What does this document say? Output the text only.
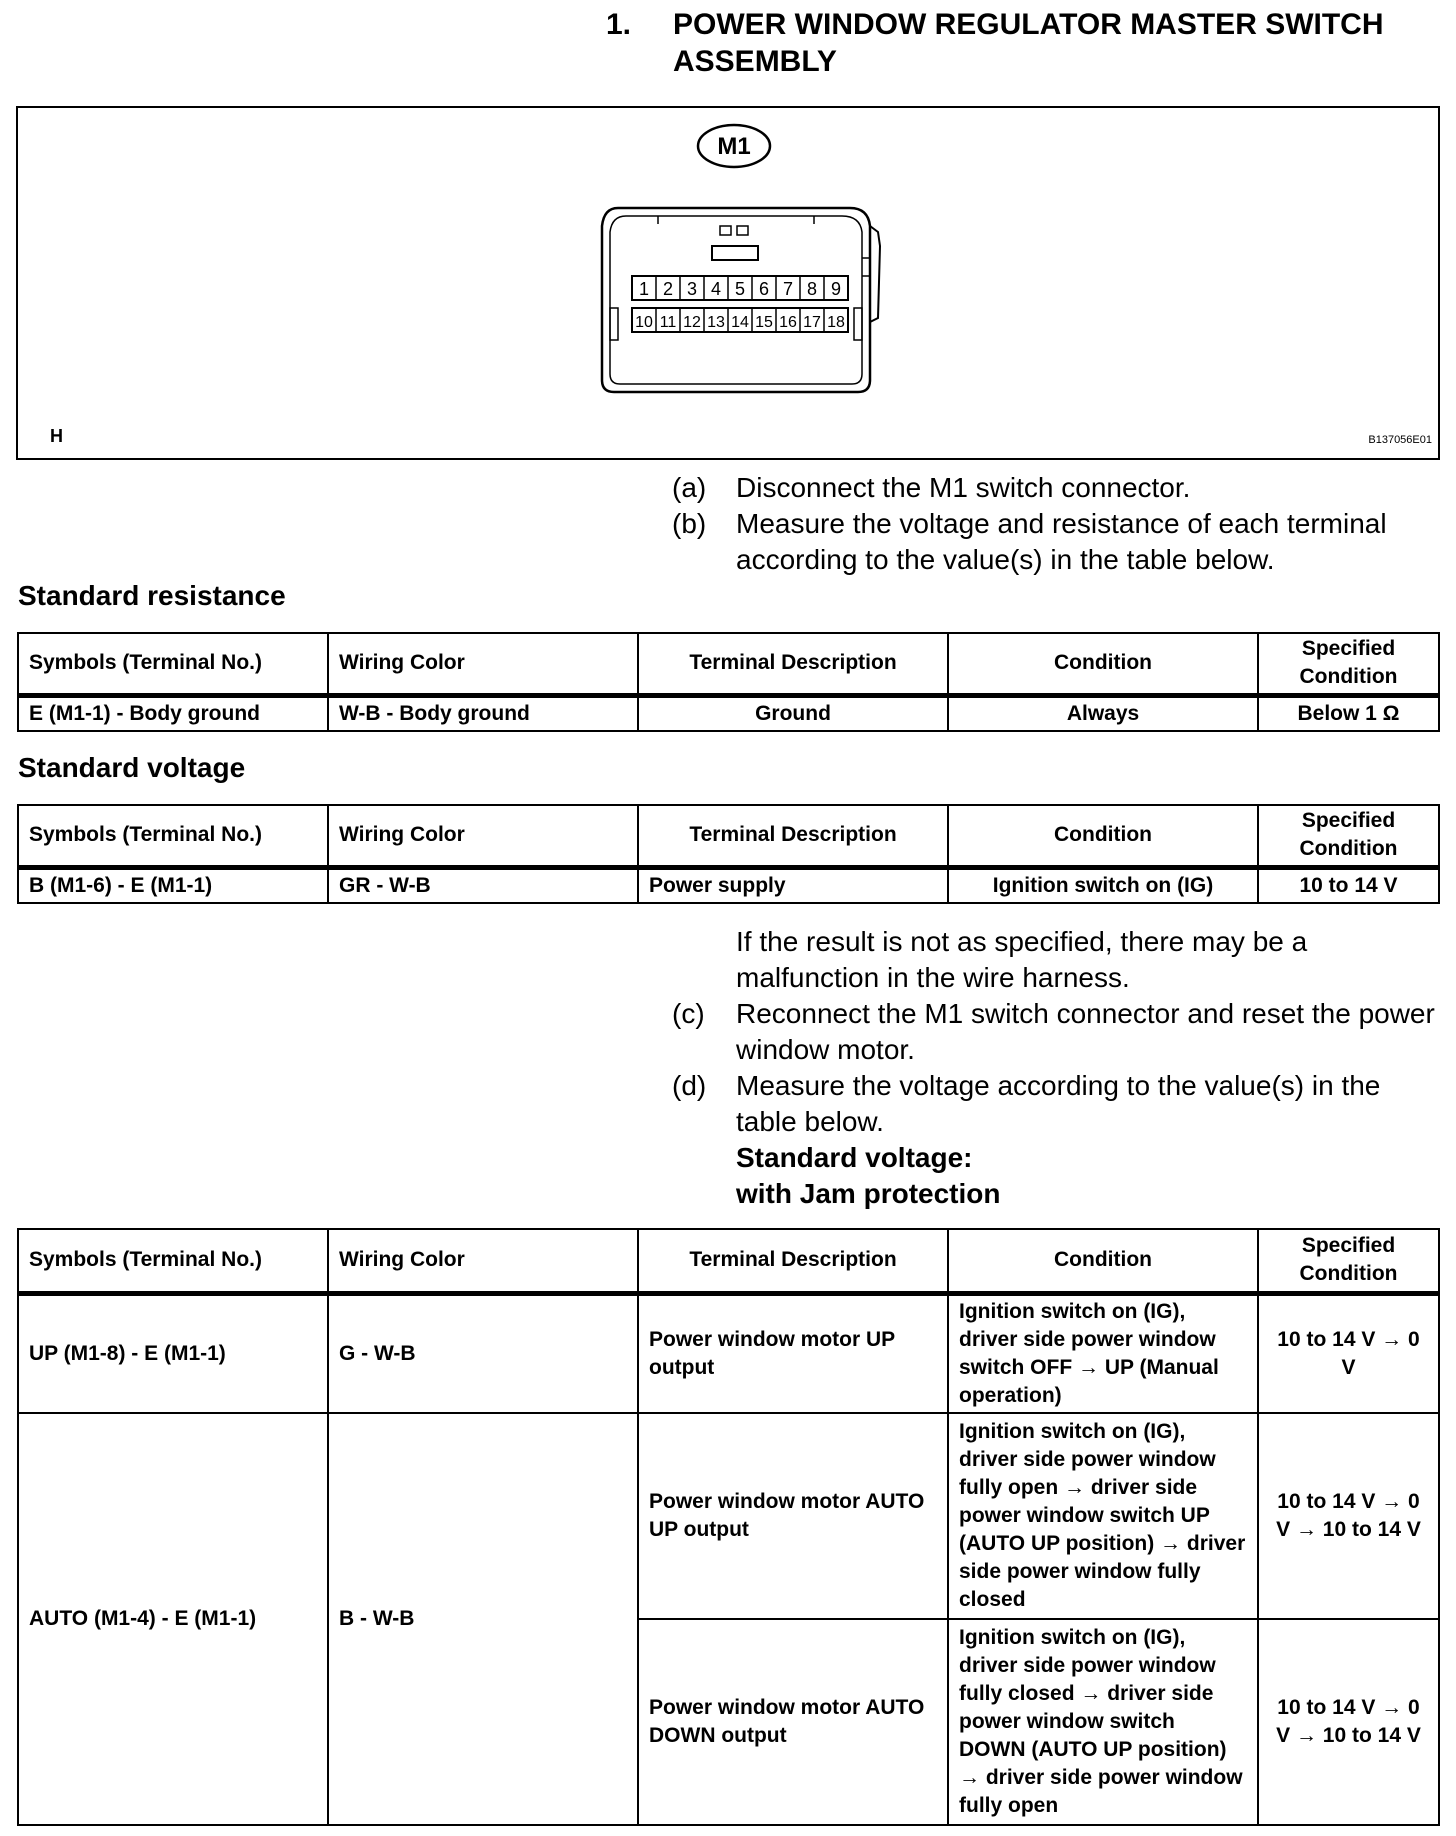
1. POWER WINDOW REGULATOR MASTER SWITCH ASSEMBLY
M1
1 2 3 4 5 6 7 8 9
10 11 12 13 14 15 16 17 18
H	B137056E01
(a) Disconnect the M1 switch connector.
(b) Measure the voltage and resistance of each terminal according to the value(s) in the table below.
Standard resistance
Symbols (Terminal No.)	Wiring Color	Terminal Description	Condition	Specified Condition
E (M1-1) - Body ground	W-B - Body ground	Ground	Always	Below 1 Ω
Standard voltage
Symbols (Terminal No.)	Wiring Color	Terminal Description	Condition	Specified Condition
B (M1-6) - E (M1-1)	GR - W-B	Power supply	Ignition switch on (IG)	10 to 14 V
If the result is not as specified, there may be a malfunction in the wire harness.
(c) Reconnect the M1 switch connector and reset the power window motor.
(d) Measure the voltage according to the value(s) in the table below.
Standard voltage:
with Jam protection
Symbols (Terminal No.)	Wiring Color	Terminal Description	Condition	Specified Condition
UP (M1-8) - E (M1-1)	G - W-B	Power window motor UP output	Ignition switch on (IG), driver side power window switch OFF → UP (Manual operation)	10 to 14 V → 0 V
AUTO (M1-4) - E (M1-1)	B - W-B	Power window motor AUTO UP output	Ignition switch on (IG), driver side power window fully open → driver side power window switch UP (AUTO UP position) → driver side power window fully closed	10 to 14 V → 0 V → 10 to 14 V
		Power window motor AUTO DOWN output	Ignition switch on (IG), driver side power window fully closed → driver side power window switch DOWN (AUTO UP position) → driver side power window fully open	10 to 14 V → 0 V → 10 to 14 V
